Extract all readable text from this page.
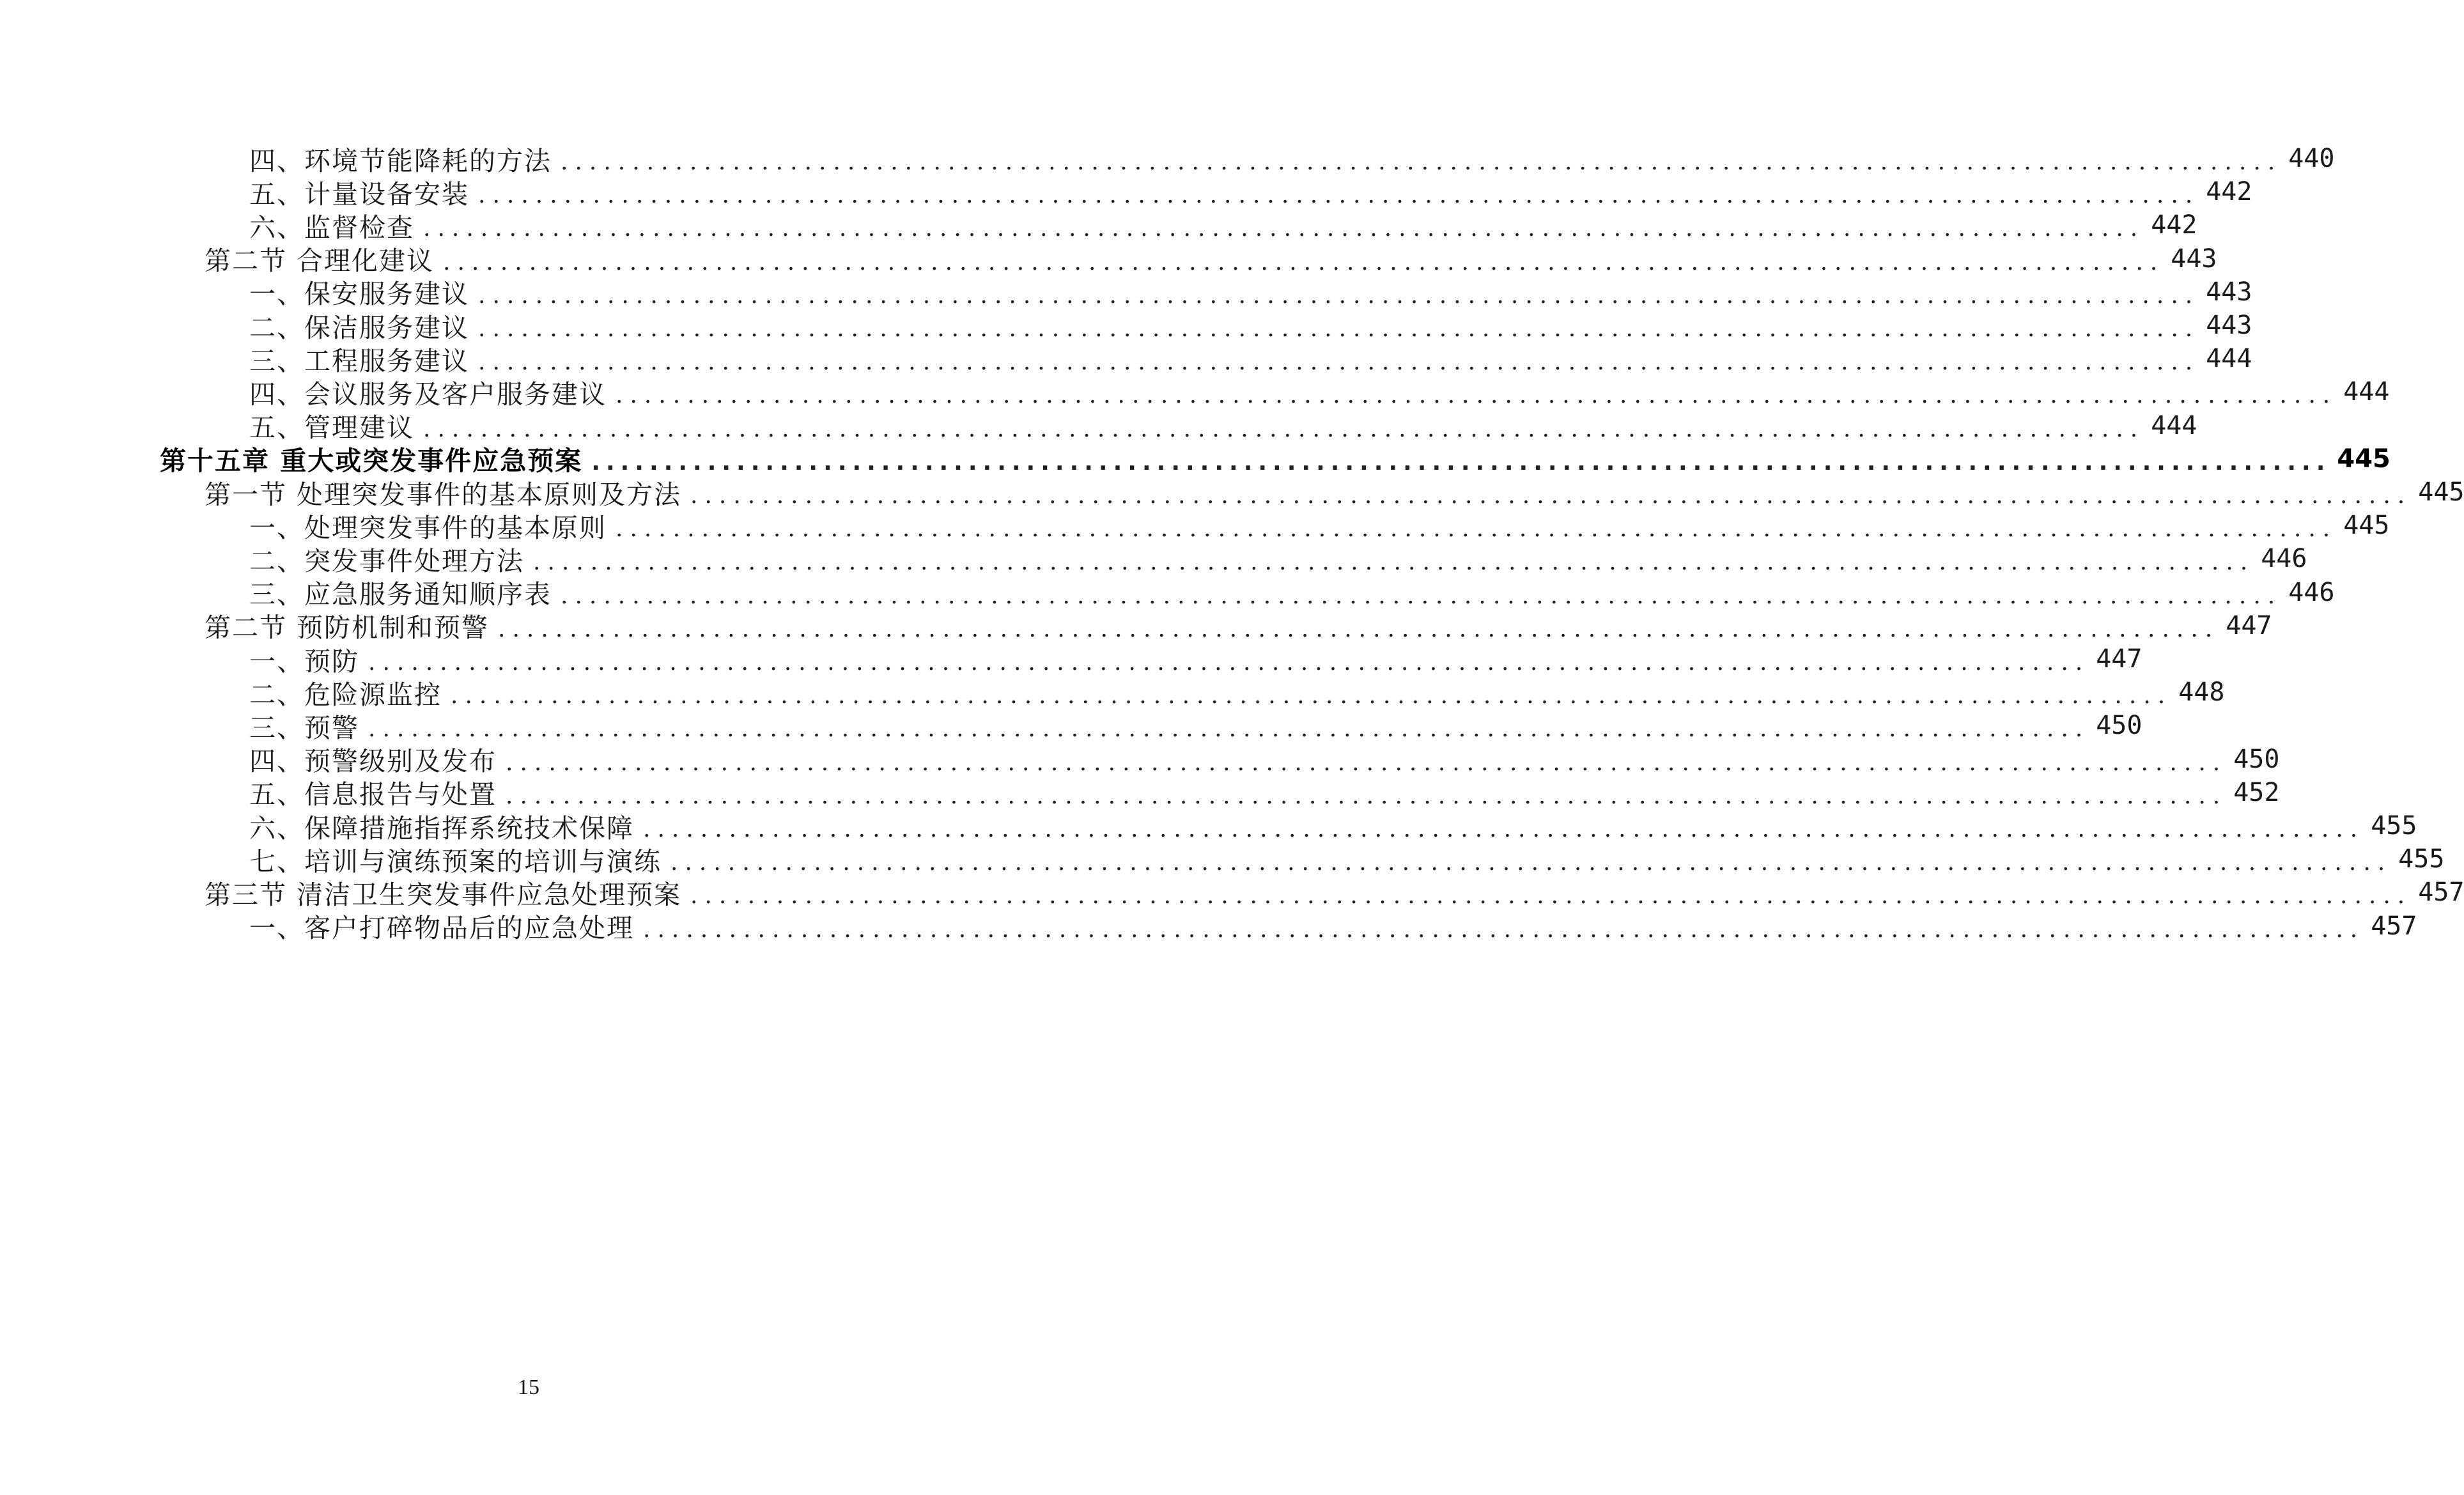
四、环境节能降耗的方法 ........................................................................................................................ 440
五、计量设备安装 ........................................................................................................................ 442
六、监督检查 ........................................................................................................................ 442
第二节 合理化建议 ........................................................................................................................ 443
一、保安服务建议 ........................................................................................................................ 443
二、保洁服务建议 ........................................................................................................................ 443
三、工程服务建议 ........................................................................................................................ 444
四、会议服务及客户服务建议 ........................................................................................................................ 444
五、管理建议 ........................................................................................................................ 444
第十五章 重大或突发事件应急预案 ........................................................................................................................ 445
第一节 处理突发事件的基本原则及方法 ........................................................................................................................ 445
一、处理突发事件的基本原则 ........................................................................................................................ 445
二、突发事件处理方法 ........................................................................................................................ 446
三、应急服务通知顺序表 ........................................................................................................................ 446
第二节 预防机制和预警 ........................................................................................................................ 447
一、预防 ........................................................................................................................ 447
二、危险源监控 ........................................................................................................................ 448
三、预警 ........................................................................................................................ 450
四、预警级别及发布 ........................................................................................................................ 450
五、信息报告与处置 ........................................................................................................................ 452
六、保障措施指挥系统技术保障 ........................................................................................................................ 455
七、培训与演练预案的培训与演练 ........................................................................................................................ 455
第三节 清洁卫生突发事件应急处理预案 ........................................................................................................................ 457
一、客户打碎物品后的应急处理 ........................................................................................................................ 457
15
